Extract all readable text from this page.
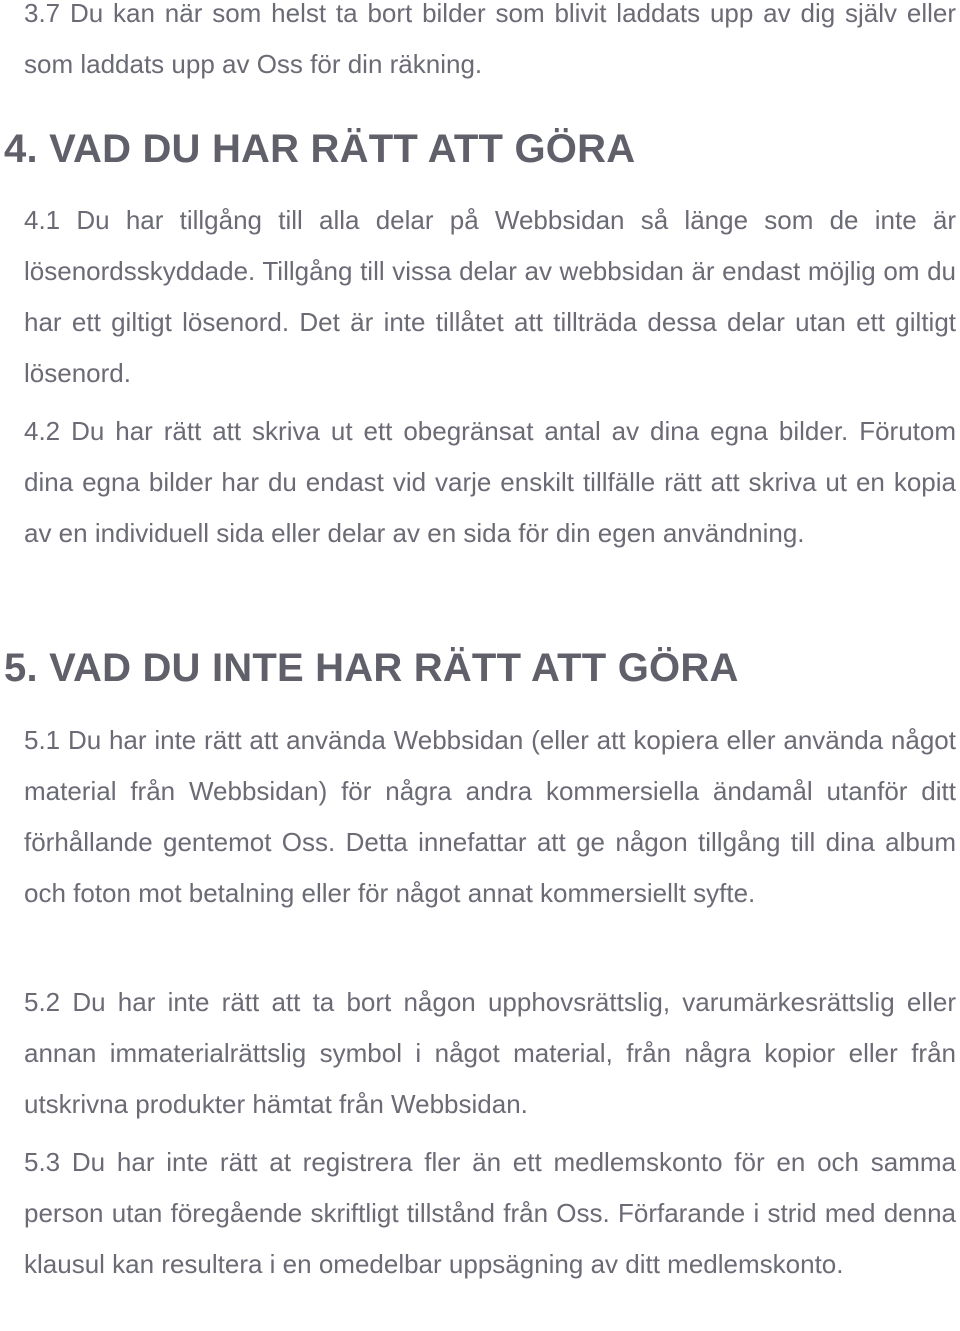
3.7 Du kan när som helst ta bort bilder som blivit laddats upp av dig själv eller som laddats upp av Oss för din räkning.

4. VAD DU HAR RÄTT ATT GÖRA

4.1 Du har tillgång till alla delar på Webbsidan så länge som de inte är lösenordsskyddade. Tillgång till vissa delar av webbsidan är endast möjlig om du har ett giltigt lösenord. Det är inte tillåtet att tillträda dessa delar utan ett giltigt lösenord.

4.2 Du har rätt att skriva ut ett obegränsat antal av dina egna bilder. Förutom dina egna bilder har du endast vid varje enskilt tillfälle rätt att skriva ut en kopia av en individuell sida eller delar av en sida för din egen användning.

5. VAD DU INTE HAR RÄTT ATT GÖRA

5.1 Du har inte rätt att använda Webbsidan (eller att kopiera eller använda något material från Webbsidan) för några andra kommersiella ändamål utanför ditt förhållande gentemot Oss. Detta innefattar att ge någon tillgång till dina album och foton mot betalning eller för något annat kommersiellt syfte.

5.2 Du har inte rätt att ta bort någon upphovsrättslig, varumärkesrättslig eller annan immaterialrättslig symbol i något material, från några kopior eller från utskrivna produkter hämtat från Webbsidan.

5.3 Du har inte rätt at registrera fler än ett medlemskonto för en och samma person utan föregående skriftligt tillstånd från Oss. Förfarande i strid med denna klausul kan resultera i en omedelbar uppsägning av ditt medlemskonto.
